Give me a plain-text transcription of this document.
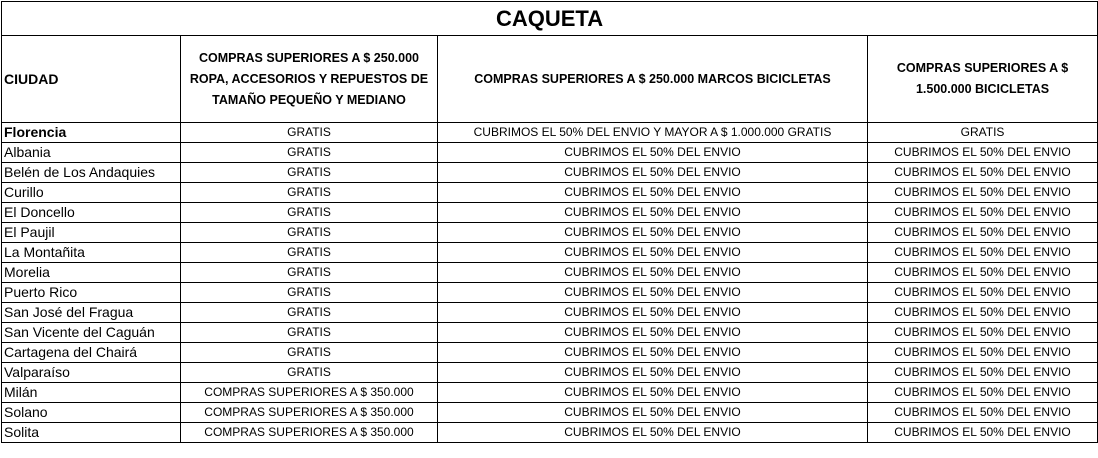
CAQUETA			
CIUDAD	COMPRAS SUPERIORES A $ 250.000 ROPA, ACCESORIOS Y REPUESTOS DE TAMAÑO PEQUEÑO Y MEDIANO	COMPRAS SUPERIORES A $ 250.000 MARCOS BICICLETAS	COMPRAS SUPERIORES A $ 1.500.000 BICICLETAS
Florencia	GRATIS	CUBRIMOS EL 50% DEL ENVIO Y MAYOR A $ 1.000.000 GRATIS	GRATIS
Albania	GRATIS	CUBRIMOS EL 50% DEL ENVIO	CUBRIMOS EL 50% DEL ENVIO
Belén de Los Andaquies	GRATIS	CUBRIMOS EL 50% DEL ENVIO	CUBRIMOS EL 50% DEL ENVIO
Curillo	GRATIS	CUBRIMOS EL 50% DEL ENVIO	CUBRIMOS EL 50% DEL ENVIO
El Doncello	GRATIS	CUBRIMOS EL 50% DEL ENVIO	CUBRIMOS EL 50% DEL ENVIO
El Paujil	GRATIS	CUBRIMOS EL 50% DEL ENVIO	CUBRIMOS EL 50% DEL ENVIO
La Montañita	GRATIS	CUBRIMOS EL 50% DEL ENVIO	CUBRIMOS EL 50% DEL ENVIO
Morelia	GRATIS	CUBRIMOS EL 50% DEL ENVIO	CUBRIMOS EL 50% DEL ENVIO
Puerto Rico	GRATIS	CUBRIMOS EL 50% DEL ENVIO	CUBRIMOS EL 50% DEL ENVIO
San José del Fragua	GRATIS	CUBRIMOS EL 50% DEL ENVIO	CUBRIMOS EL 50% DEL ENVIO
San Vicente del Caguán	GRATIS	CUBRIMOS EL 50% DEL ENVIO	CUBRIMOS EL 50% DEL ENVIO
Cartagena del Chairá	GRATIS	CUBRIMOS EL 50% DEL ENVIO	CUBRIMOS EL 50% DEL ENVIO
Valparaíso	GRATIS	CUBRIMOS EL 50% DEL ENVIO	CUBRIMOS EL 50% DEL ENVIO
Milán	COMPRAS SUPERIORES A $ 350.000	CUBRIMOS EL 50% DEL ENVIO	CUBRIMOS EL 50% DEL ENVIO
Solano	COMPRAS SUPERIORES A $ 350.000	CUBRIMOS EL 50% DEL ENVIO	CUBRIMOS EL 50% DEL ENVIO
Solita	COMPRAS SUPERIORES A $ 350.000	CUBRIMOS EL 50% DEL ENVIO	CUBRIMOS EL 50% DEL ENVIO
